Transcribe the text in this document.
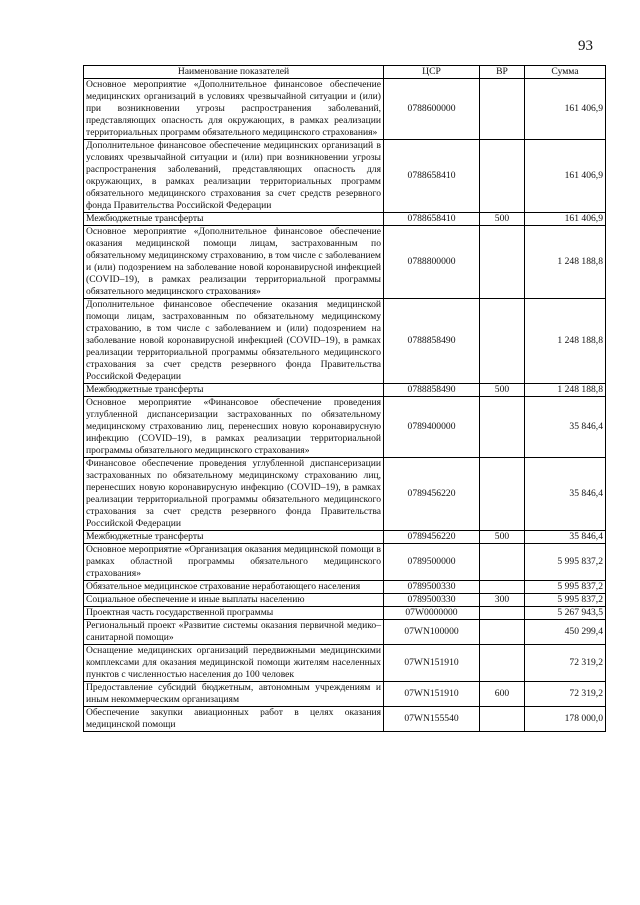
93
Наименование показателей	ЦСР	ВР	Сумма
Основное мероприятие «Дополнительное финансовое обеспечение медицинских организаций в условиях чрезвычайной ситуации и (или) при возникновении угрозы распространения заболеваний, представляющих опасность для окружающих, в рамках реализации территориальных программ обязательного медицинского страхования»	0788600000		161 406,9
Дополнительное финансовое обеспечение медицинских организаций в условиях чрезвычайной ситуации и (или) при возникновении угрозы распространения заболеваний, представляющих опасность для окружающих, в рамках реализации территориальных программ обязательного медицинского страхования за счет средств резервного фонда Правительства Российской Федерации	0788658410		161 406,9
Межбюджетные трансферты	0788658410	500	161 406,9
Основное мероприятие «Дополнительное финансовое обеспечение оказания медицинской помощи лицам, застрахованным по обязательному медицинскому страхованию, в том числе с заболеванием и (или) подозрением на заболевание новой коронавирусной инфекцией (COVID–19), в рамках реализации территориальной программы обязательного медицинского страхования»	0788800000		1 248 188,8
Дополнительное финансовое обеспечение оказания медицинской помощи лицам, застрахованным по обязательному медицинскому страхованию, в том числе с заболеванием и (или) подозрением на заболевание новой коронавирусной инфекцией (COVID–19), в рамках реализации территориальной программы обязательного медицинского страхования за счет средств резервного фонда Правительства Российской Федерации	0788858490		1 248 188,8
Межбюджетные трансферты	0788858490	500	1 248 188,8
Основное мероприятие «Финансовое обеспечение проведения углубленной диспансеризации застрахованных по обязательному медицинскому страхованию лиц, перенесших новую коронавирусную инфекцию (COVID–19), в рамках реализации территориальной программы обязательного медицинского страхования»	0789400000		35 846,4
Финансовое обеспечение проведения углубленной диспансеризации застрахованных по обязательному медицинскому страхованию лиц, перенесших новую коронавирусную инфекцию (COVID–19), в рамках реализации территориальной программы обязательного медицинского страхования за счет средств резервного фонда Правительства Российской Федерации	0789456220		35 846,4
Межбюджетные трансферты	0789456220	500	35 846,4
Основное мероприятие «Организация оказания медицинской помощи в рамках областной программы обязательного медицинского страхования»	0789500000		5 995 837,2
Обязательное медицинское страхование неработающего населения	0789500330		5 995 837,2
Социальное обеспечение и иные выплаты населению	0789500330	300	5 995 837,2
Проектная часть государственной программы	07W0000000		5 267 943,5
Региональный проект «Развитие системы оказания первичной медико–санитарной помощи»	07WN100000		450 299,4
Оснащение медицинских организаций передвижными медицинскими комплексами для оказания медицинской помощи жителям населенных пунктов с численностью населения до 100 человек	07WN151910		72 319,2
Предоставление субсидий бюджетным, автономным учреждениям и иным некоммерческим организациям	07WN151910	600	72 319,2
Обеспечение закупки авиационных работ в целях оказания медицинской помощи	07WN155540		178 000,0
